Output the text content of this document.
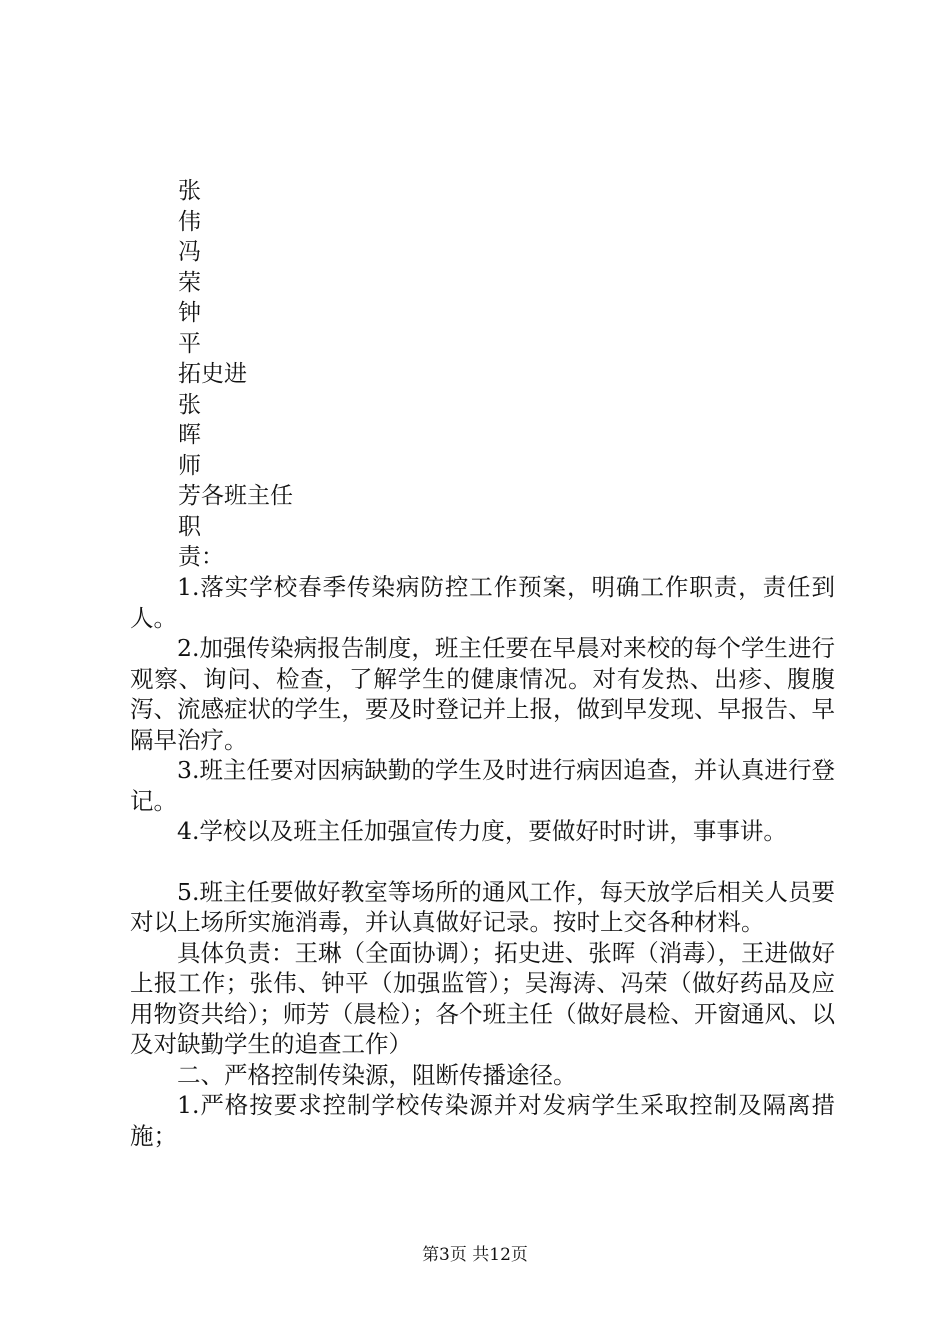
张
伟
冯
荣
钟
平
拓史进
张
晖
师
芳各班主任
职
责：

1.落实学校春季传染病防控工作预案，明确工作职责，责任到人。

2.加强传染病报告制度，班主任要在早晨对来校的每个学生进行观察、询问、检查，了解学生的健康情况。对有发热、出疹、腹腹泻、流感症状的学生，要及时登记并上报，做到早发现、早报告、早隔早治疗。

3.班主任要对因病缺勤的学生及时进行病因追查，并认真进行登记。

4.学校以及班主任加强宣传力度，要做好时时讲，事事讲。

5.班主任要做好教室等场所的通风工作，每天放学后相关人员要对以上场所实施消毒，并认真做好记录。按时上交各种材料。

具体负责：王琳（全面协调）；拓史进、张晖（消毒），王进做好上报工作；张伟、钟平（加强监管）；吴海涛、冯荣（做好药品及应用物资共给）；师芳（晨检）；各个班主任（做好晨检、开窗通风、以及对缺勤学生的追查工作）

二、严格控制传染源，阻断传播途径。

1.严格按要求控制学校传染源并对发病学生采取控制及隔离措施；

第3页 共12页
